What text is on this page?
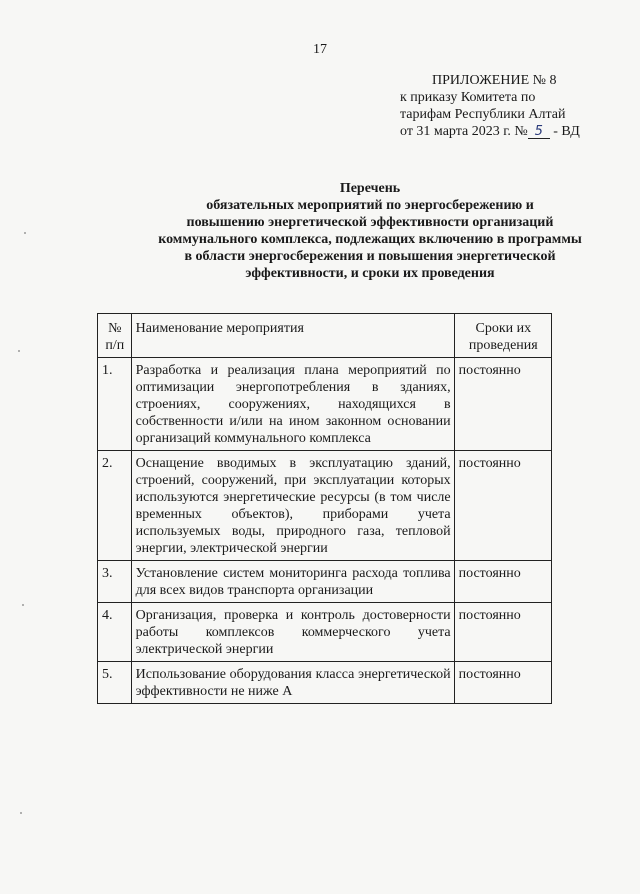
17
ПРИЛОЖЕНИЕ № 8
к приказу Комитета по
тарифам Республики Алтай
от 31 марта 2023 г. № 5 - ВД
Перечень
обязательных мероприятий по энергосбережению и
повышению энергетической эффективности организаций
коммунального комплекса, подлежащих включению в программы
в области энергосбережения и повышения энергетической
эффективности, и сроки их проведения
№ п/п	Наименование мероприятия	Сроки их проведения
1.	Разработка и реализация плана мероприятий по оптимизации энергопотребления в зданиях, строениях, сооружениях, находящихся в собственности и/или на ином законном основании организаций коммунального комплекса	постоянно
2.	Оснащение вводимых в эксплуатацию зданий, строений, сооружений, при эксплуатации которых используются энергетические ресурсы (в том числе временных объектов), приборами учета используемых воды, природного газа, тепловой энергии, электрической энергии	постоянно
3.	Установление систем мониторинга расхода топлива для всех видов транспорта организации	постоянно
4.	Организация, проверка и контроль достоверности работы комплексов коммерческого учета электрической энергии	постоянно
5.	Использование оборудования класса энергетической эффективности не ниже А	постоянно
